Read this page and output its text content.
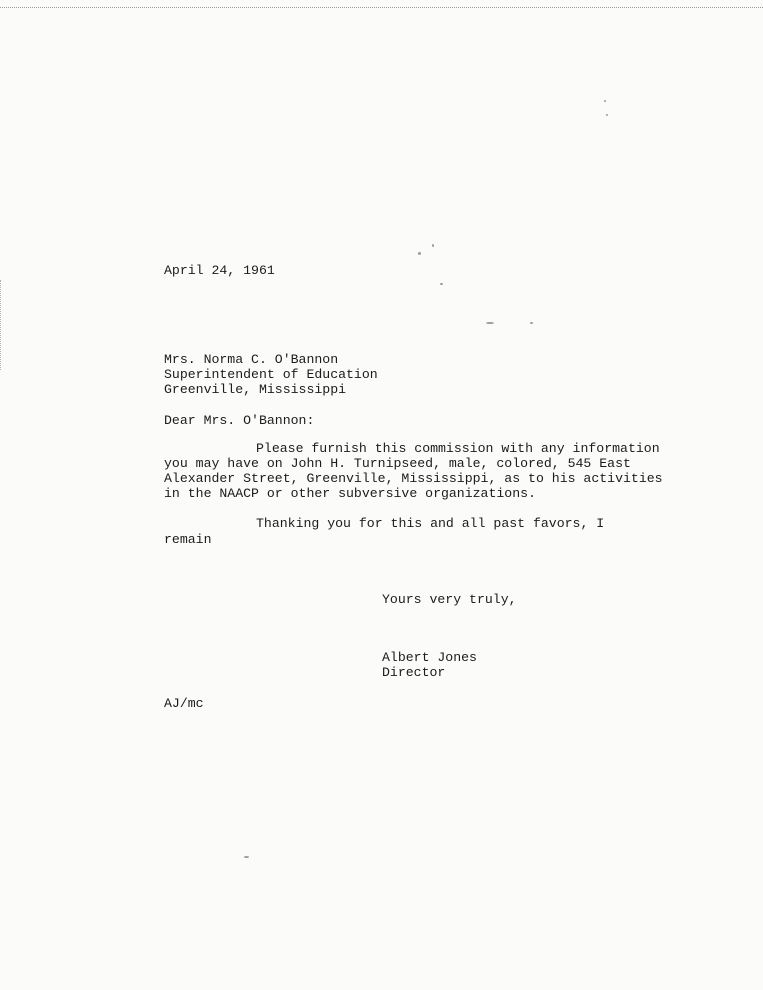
April 24, 1961
Mrs. Norma C. O'Bannon
Superintendent of Education
Greenville, Mississippi
Dear Mrs. O'Bannon:
Please furnish this commission with any information
you may have on John H. Turnipseed, male, colored, 545 East
Alexander Street, Greenville, Mississippi, as to his activities
in the NAACP or other subversive organizations.
Thanking you for this and all past favors, I
remain
Yours very truly,
Albert Jones
Director
AJ/mc
